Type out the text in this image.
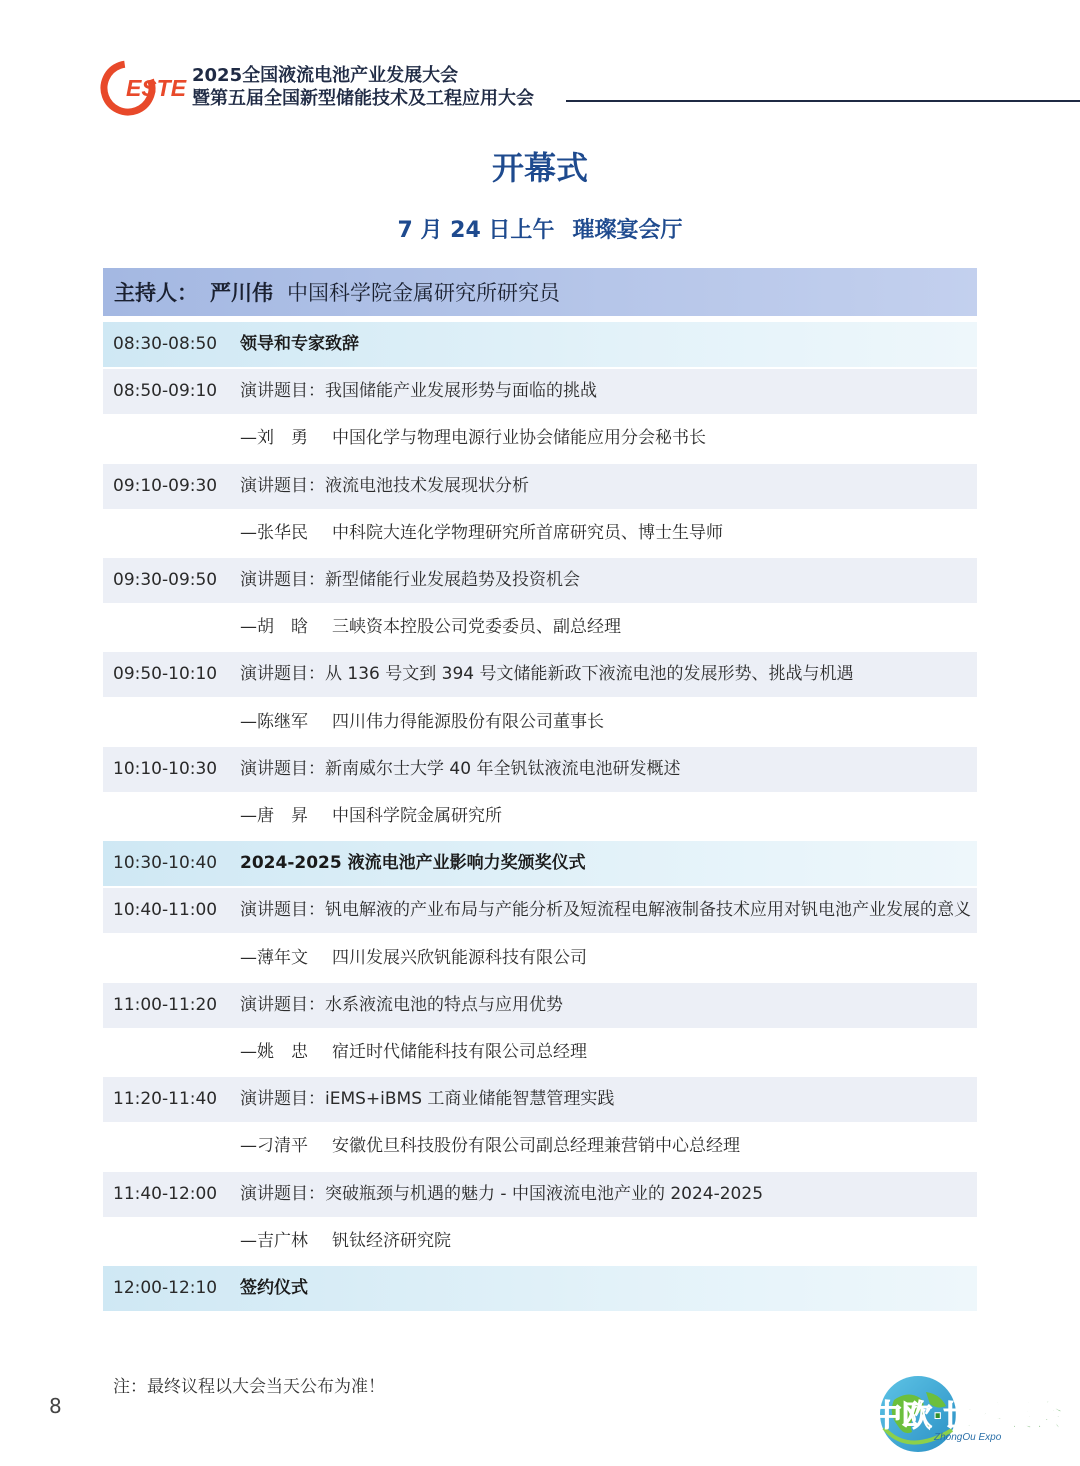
ESTE 2025全国液流电池产业发展大会
暨第五届全国新型储能技术及工程应用大会
开幕式
7 月 24 日上午 璀璨宴会厅
主持人： 严川伟 中国科学院金属研究所研究员
08:30-08:50 领导和专家致辞
08:50-09:10 演讲题目：我国储能产业发展形势与面临的挑战
—刘　勇 中国化学与物理电源行业协会储能应用分会秘书长
09:10-09:30 演讲题目：液流电池技术发展现状分析
—张华民 中科院大连化学物理研究所首席研究员、博士生导师
09:30-09:50 演讲题目：新型储能行业发展趋势及投资机会
—胡　晗 三峡资本控股公司党委委员、副总经理
09:50-10:10 演讲题目：从 136 号文到 394 号文储能新政下液流电池的发展形势、挑战与机遇
—陈继军 四川伟力得能源股份有限公司董事长
10:10-10:30 演讲题目：新南威尔士大学 40 年全钒钛液流电池研发概述
—唐　昇 中国科学院金属研究所
10:30-10:40 2024-2025 液流电池产业影响力奖颁奖仪式
10:40-11:00 演讲题目：钒电解液的产业布局与产能分析及短流程电解液制备技术应用对钒电池产业发展的意义
—薄年文 四川发展兴欣钒能源科技有限公司
11:00-11:20 演讲题目：水系液流电池的特点与应用优势
—姚　忠 宿迁时代储能科技有限公司总经理
11:20-11:40 演讲题目：iEMS+iBMS 工商业储能智慧管理实践
—刁清平 安徽优旦科技股份有限公司副总经理兼营销中心总经理
11:40-12:00 演讲题目：突破瓶颈与机遇的魅力 - 中国液流电池产业的 2024-2025
—吉广林 钒钛经济研究院
12:00-12:10 签约仪式
注：最终议程以大会当天公布为准！
8	中欧·世界展会
ZhongOu Expo
